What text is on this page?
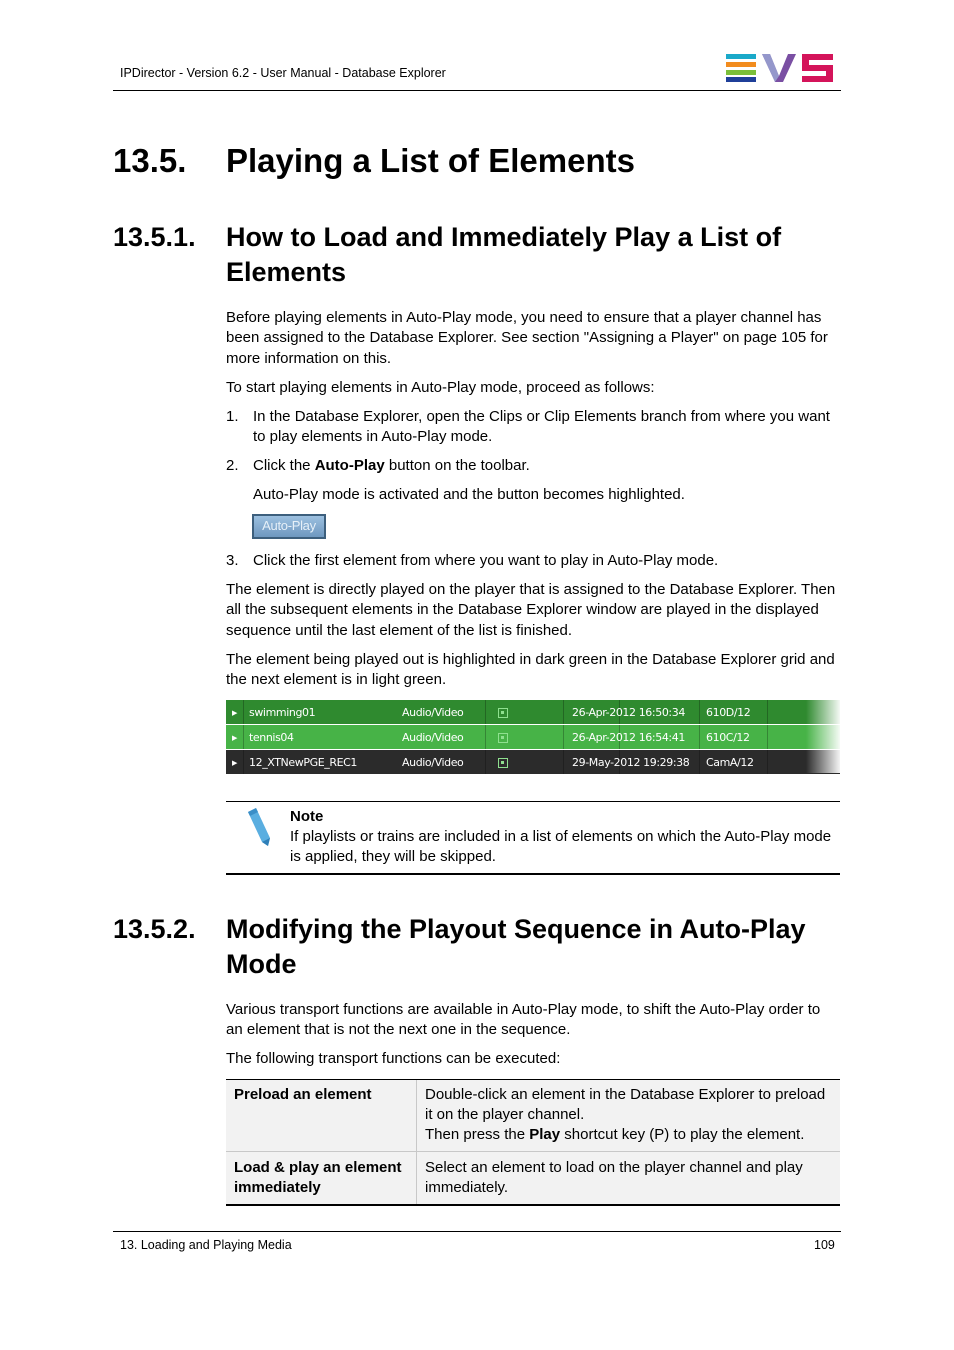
IPDirector - Version 6.2 - User Manual - Database Explorer
13.5. Playing a List of Elements
13.5.1. How to Load and Immediately Play a List of Elements

Before playing elements in Auto-Play mode, you need to ensure that a player channel has been assigned to the Database Explorer. See section "Assigning a Player" on page 105 for more information on this.

To start playing elements in Auto-Play mode, proceed as follows:

1. In the Database Explorer, open the Clips or Clip Elements branch from where you want to play elements in Auto-Play mode.
2. Click the Auto-Play button on the toolbar.
Auto-Play mode is activated and the button becomes highlighted.
Auto-Play
3. Click the first element from where you want to play in Auto-Play mode.

The element is directly played on the player that is assigned to the Database Explorer. Then all the subsequent elements in the Database Explorer window are played in the displayed sequence until the last element of the list is finished.

The element being played out is highlighted in dark green in the Database Explorer grid and the next element is in light green.

▶	swimming01	Audio/Video	26-Apr-2012 16:50:34	610D/12
▶	tennis04	Audio/Video	26-Apr-2012 16:54:41	610C/12
▶	12_XTNewPGE_REC1	Audio/Video	29-May-2012 19:29:38	CamA/12
Note
If playlists or trains are included in a list of elements on which the Auto-Play mode is applied, they will be skipped.
13.5.2. Modifying the Playout Sequence in Auto-Play Mode

Various transport functions are available in Auto-Play mode, to shift the Auto-Play order to an element that is not the next one in the sequence.

The following transport functions can be executed:

Preload an element	Double-click an element in the Database Explorer to preload it on the player channel.
Then press the Play shortcut key (P) to play the element.
Load & play an element immediately	Select an element to load on the player channel and play immediately.
13. Loading and Playing Media	109
